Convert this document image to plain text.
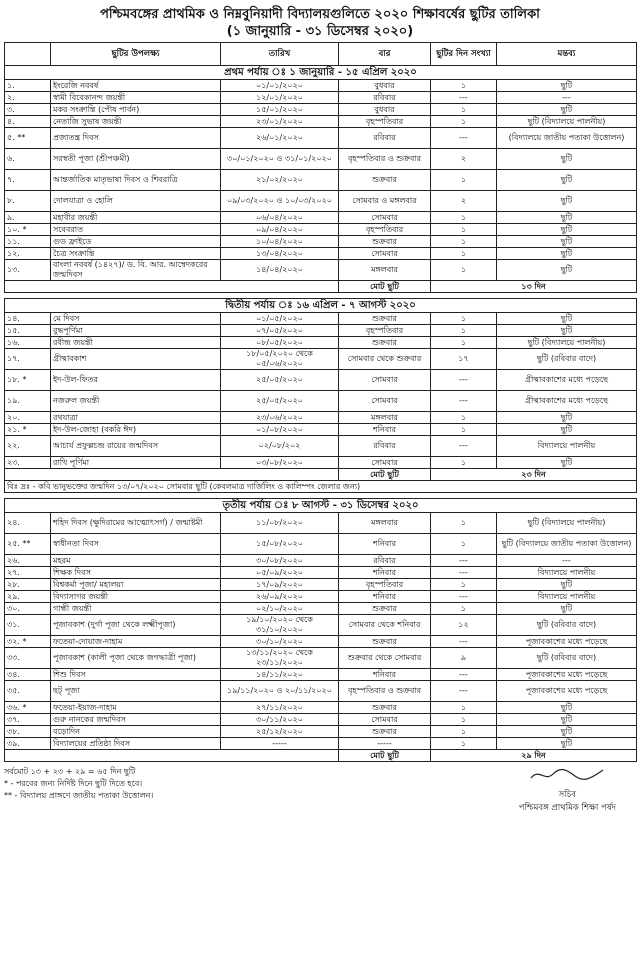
পশ্চিমবঙ্গের প্রাথমিক ও নিম্নবুনিয়াদী বিদ্যালয়গুলিতে ২০২০ শিক্ষাবর্ষের ছুটির তালিকা
(১ জানুয়ারি - ৩১ ডিসেম্বর ২০২০)
	ছুটির উপলক্ষ্য	তারিখ	বার	ছুটির দিন সংখ্যা	মন্তব্য
প্রথম পর্যায় ঃ ১ জানুয়ারি - ১৫ এপ্রিল ২০২০					
১.	ইংরেজি নববর্ষ	০১/০১/২০২০	বুধবার	১	ছুটি
২.	স্বামী বিবেকানন্দ জয়ন্তী	১২/০১/২০২০	রবিবার	---	---
৩.	মকর সংক্রান্তি (পৌষ পার্বন)	১৫/০১/২০২০	বুধবার	১	ছুটি
৪.	নেতাজি সুভাষ জয়ন্তী	২৩/০১/২০২০	বৃহস্পতিবার	১	ছুটি (বিদ্যালয়ে পালনীয়)
৫. **	প্রজাতন্ত্র দিবস	২৬/০১/২০২০	রবিবার	---	(বিদ্যালয়ে জাতীয় পতাকা উত্তোলন)
৬.	সরস্বতী পূজা (শ্রীপঞ্চমী)	৩০/০১/২০২০ ও ৩১/০১/২০২০	বৃহস্পতিবার ও শুক্রবার	২	ছুটি
৭.	আন্তর্জাতিক মাতৃভাষা দিবস ও শিবরাত্রি	২১/০২/২০২০	শুক্রবার	১	ছুটি
৮.	দোলযাত্রা ও হোলি	০৯/০৩/২০২০ ও ১০/০৩/২০২০	সোমবার ও মঙ্গলবার	২	ছুটি
৯.	মহাবীর জয়ন্তী	০৬/০৪/২০২০	সোমবার	১	ছুটি
১০. *	সবেবরাত	০৯/০৪/২০২০	বৃহস্পতিবার	১	ছুটি
১১.	গুড ফ্রাইডে	১০/০৪/২০২০	শুক্রবার	১	ছুটি
১২.	চৈত্র সংক্রান্তি	১৩/০৪/২০২০	সোমবার	১	ছুটি
১৩.	বাংলা নববর্ষ (১৪২৭)/ ড. বি. আর. আম্বেদকরের জন্মদিবস	১৪/০৪/২০২০	মঙ্গলবার	১	ছুটি
			মোট ছুটি	১৩ দিন	

দ্বিতীয় পর্যায় ঃ ১৬ এপ্রিল - ৭ আগস্ট ২০২০					
১৪.	মে দিবস	০১/০৫/২০২০	শুক্রবার	১	ছুটি
১৫.	বুদ্ধপূর্ণিমা	০৭/০৫/২০২০	বৃহস্পতিবার	১	ছুটি
১৬.	রবীন্দ্র জয়ন্তী	০৮/০৫/২০২০	শুক্রবার	১	ছুটি (বিদ্যালয়ে পালনীয়)
১৭.	গ্রীষ্মাবকাশ	১৮/০৫/২০২০ থেকে ০৫/০৬/২০২০	সোমবার থেকে শুক্রবার	১৭	ছুটি (রবিবার বাদে)
১৮. *	ইদ-উল-ফিতর	২৫/০৫/২০২০	সোমবার	---	গ্রীষ্মাবকাশের মধ্যে পড়েছে
১৯.	নজরুল জয়ন্তী	২৫/০৫/২০২০	সোমবার	---	গ্রীষ্মাবকাশের মধ্যে পড়েছে
২০.	রথযাত্রা	২৩/০৬/২০২০	মঙ্গলবার	১	ছুটি
২১. *	ইদ-উল-জোহা (বকরি ঈদ)	০১/০৮/২০২০	শনিবার	১	ছুটি
২২.	আচার্য প্রফুল্লচন্দ্র রায়ের জন্মদিবস	০২/০৮/২০২	রবিবার	---	বিদ্যালয়ে পালনীয়
২৩.	রাখি পূর্ণিমা	০৩/০৮/২০২০	সোমবার	১	ছুটি
			মোট ছুটি	২৩ দিন	
বিঃ দ্রঃ - কবি ভানুভক্তের জন্মদিন ১৩/০৭/২০২০ সোমবার ছুটি (কেবলমাত্র দার্জিলিং ও কালিম্পং জেলার জন্য)					

তৃতীয় পর্যায় ঃ ৮ আগস্ট - ৩১ ডিসেম্বর ২০২০					
২৪.	শহিদ দিবস (ক্ষুদিরামের আত্মোৎসর্গ) / জন্মাষ্টমী	১১/০৮/২০২০	মঙ্গলবার	১	ছুটি (বিদ্যালয়ে পালনীয়)
২৫. **	স্বাধীনতা দিবস	১৫/০৮/২০২০	শনিবার	১	ছুটি (বিদ্যালয়ে জাতীয় পতাকা উত্তোলন)
২৬.	মহরম	৩০/০৮/২০২০	রবিবার	---	---
২৭.	শিক্ষক দিবস	০৫/০৯/২০২০	শনিবার	---	বিদ্যালয়ে পালনীয়
২৮.	বিশ্বকর্মা পূজা/ মহালয়া	১৭/০৯/২০২০	বৃহস্পতিবার	১	ছুটি
২৯.	বিদ্যাসাগর জয়ন্তী	২৬/০৯/২০২০	শনিবার	---	বিদ্যালয়ে পালনীয়
৩০.	গান্ধী জয়ন্তী	০২/১০/২০২০	শুক্রবার	১	ছুটি
৩১.	পূজাবকাশ (দুর্গা পূজা থেকে লক্ষ্মীপূজা)	১৯/১০/২০২০ থেকে ৩১/১০/২০২০	সোমবার থেকে শনিবার	১২	ছুটি (রবিবার বাদে)
৩২. *	ফতেয়া-দোয়াজ-দাহাম	৩০/১০/২০২০	শুক্রবার	---	পূজাবকাশের মধ্যে পড়েছে
৩৩.	পূজাবকাশ (কালী পূজা থেকে জগদ্ধাত্রী পূজা)	১৩/১১/২০২০ থেকে ২৩/১১/২০২০	শুক্রবার থেকে সোমবার	৯	ছুটি (রবিবার বাদে)
৩৪.	শিশু দিবস	১৪/১১/২০২০	শনিবার	---	পূজাবকাশের মধ্যে পড়েছে
৩৫.	ছট্ পূজা	১৯/১১/২০২০ ও ২০/১১/২০২০	বৃহস্পতিবার ও শুক্রবার	---	পূজাবকাশের মধ্যে পড়েছে
৩৬. *	ফতেয়া-ইয়াজ-দাহাম	২৭/১১/২০২০	শুক্রবার	১	ছুটি
৩৭.	গুরু নানকের জন্মদিবস	৩০/১১/২০২০	সোমবার	১	ছুটি
৩৮.	বড়োদিন	২৫/১২/২০২০	শুক্রবার	১	ছুটি
৩৯.	বিদ্যালয়ের প্রতিষ্ঠা দিবস	-----	-----	১	ছুটি
			মোট ছুটি	২৯ দিন	
সর্বমোট ১৩ + ২৩ + ২৯ = ৬৫ দিন ছুটি
* - পরবের জন্য নির্দিষ্ট দিনে ছুটি দিতে হবে।
** - বিদ্যালয় প্রাঙ্গণে জাতীয় পতাকা উত্তোলন।	সচিব
পশ্চিমবঙ্গ প্রাথমিক শিক্ষা পর্ষদ
